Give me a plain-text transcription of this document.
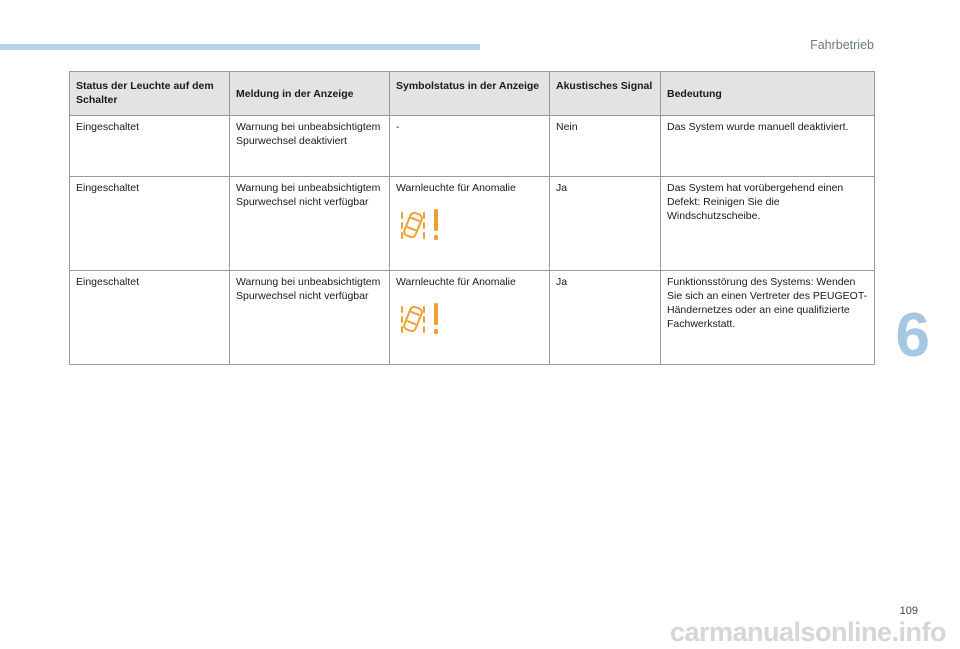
Fahrbetrieb
Status der Leuchte auf dem Schalter	Meldung in der Anzeige	Symbolstatus in der Anzeige	Akustisches Signal	Bedeutung
Eingeschaltet	Warnung bei unbeabsichtigtem Spurwechsel deaktiviert	-	Nein	Das System wurde manuell deaktiviert.
Eingeschaltet	Warnung bei unbeabsichtigtem Spurwechsel nicht verfügbar	Warnleuchte für Anomalie	Ja	Das System hat vorübergehend einen Defekt: Reinigen Sie die Windschutzscheibe.
Eingeschaltet	Warnung bei unbeabsichtigtem Spurwechsel nicht verfügbar	Warnleuchte für Anomalie	Ja	Funktionsstörung des Systems: Wenden Sie sich an einen Vertreter des PEUGEOT-Händernetzes oder an eine qualifizierte Fachwerkstatt.	6
109
carmanualsonline.info
